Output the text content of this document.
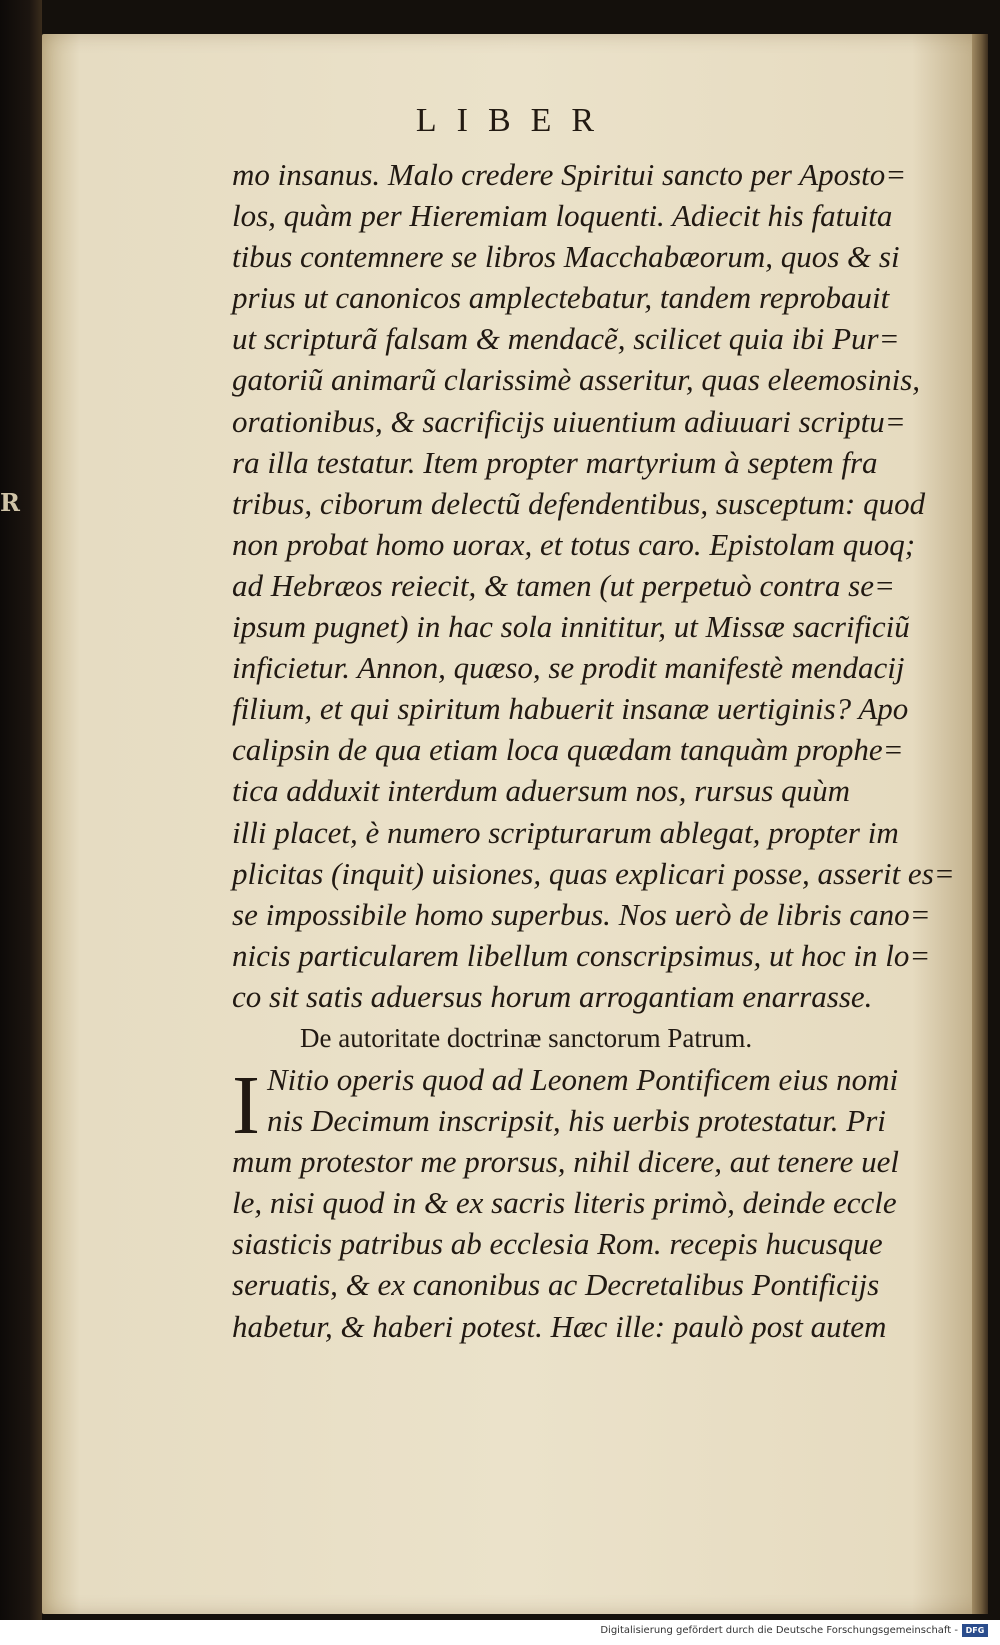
R
LIBER
mo insanus. Malo credere Spiritui sancto per Aposto=
los, quàm per Hieremiam loquenti. Adiecit his fatuita
tibus contemnere se libros Macchabæorum, quos & si
prius ut canonicos amplectebatur, tandem reprobauit
ut scripturã falsam & mendacẽ, scilicet quia ibi Pur=
gatoriũ animarũ clarissimè asseritur, quas eleemosinis,
orationibus, & sacrificijs uiuentium adiuuari scriptu=
ra illa testatur. Item propter martyrium à septem fra
tribus, ciborum delectũ defendentibus, susceptum: quod
non probat homo uorax, et totus caro. Epistolam quoq;
ad Hebræos reiecit, & tamen (ut perpetuò contra se=
ipsum pugnet) in hac sola innititur, ut Missæ sacrificiũ
inficietur. Annon, quæso, se prodit manifestè mendacij
filium, et qui spiritum habuerit insanæ uertiginis? Apo
calipsin de qua etiam loca quædam tanquàm prophe=
tica adduxit interdum aduersum nos, rursus quùm
illi placet, è numero scripturarum ablegat, propter im
plicitas (inquit) uisiones, quas explicari posse, asserit es=
se impossibile homo superbus. Nos uerò de libris cano=
nicis particularem libellum conscripsimus, ut hoc in lo=
co sit satis aduersus horum arrogantiam enarrasse.
De autoritate doctrinæ sanctorum Patrum.
I Nitio operis quod ad Leonem Pontificem eius nomi
nis Decimum inscripsit, his uerbis protestatur. Pri
mum protestor me prorsus, nihil dicere, aut tenere uel
le, nisi quod in & ex sacris literis primò, deinde eccle
siasticis patribus ab ecclesia Rom. recepis hucusque
seruatis, & ex canonibus ac Decretalibus Pontificijs
habetur, & haberi potest. Hæc ille: paulò post autem
Digitalisierung gefördert durch die Deutsche Forschungsgemeinschaft - DFG
